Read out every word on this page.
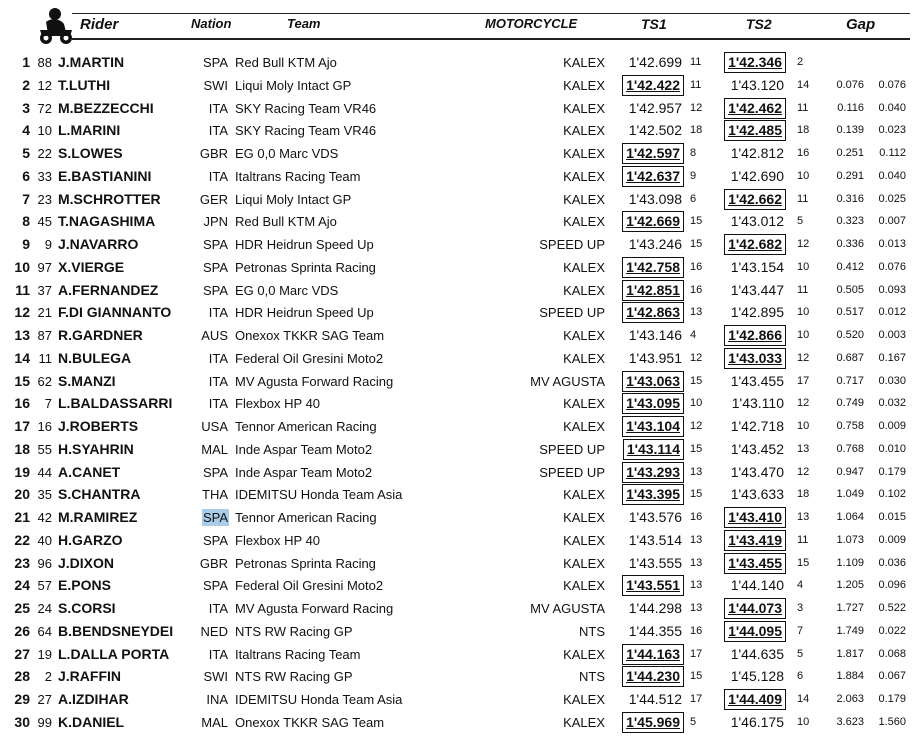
Rider	Nation	Team	MOTORCYCLE	TS1	TS2	Gap
1 88 J.MARTIN	SPA Red Bull KTM Ajo	KALEX 1'42.699 11 1'42.346	2
2 12 T.LUTHI	SWI Liqui Moly Intact GP	KALEX 1'42.422 11 1'43.120 14 0.076 0.076
3 72 M.BEZZECCHI	ITA SKY Racing Team VR46	KALEX 1'42.957 12 1'42.462	11	0.116 0.040
4 10 L.MARINI	ITA SKY Racing Team VR46	KALEX 1'42.502 18 1'42.485	18 0.139 0.023
5 22 S.LOWES	GBR EG 0,0 Marc VDS	KALEX 1'42.597 8 1'42.812 16 0.251 0.112
6 33 E.BASTIANINI	ITA Italtrans Racing Team	KALEX 1'42.637 9 1'42.690 10 0.291 0.040
7 23 M.SCHROTTER	GER Liqui Moly Intact GP	KALEX 1'43.098 6 1'42.662	11	0.316 0.025
8 45 T.NAGASHIMA	JPN Red Bull KTM Ajo	KALEX 1'42.669 15 1'43.012 5	0.323 0.007
9 9 J.NAVARRO	SPA HDR Heidrun Speed Up	SPEED UP 1'43.246 15 1'42.682	12 0.336 0.013
10 97 X.VIERGE	SPA Petronas Sprinta Racing	KALEX 1'42.758 16 1'43.154 10 0.412 0.076
11 37 A.FERNANDEZ	SPA EG 0,0 Marc VDS	KALEX 1'42.851 16 1'43.447 11	0.505 0.093
12 21 F.DI GIANNANTO	ITA HDR Heidrun Speed Up	SPEED UP 1'42.863 13 1'42.895 10 0.517 0.012
13 87 R.GARDNER	AUS Onexox TKKR SAG Team	KALEX 1'43.146 4 1'42.866	10 0.520 0.003
14 11 N.BULEGA	ITA Federal Oil Gresini Moto2	KALEX 1'43.951 12 1'43.033	12 0.687 0.167
15 62 S.MANZI	ITA MV Agusta Forward Racing	MV AGUSTA 1'43.063 15 1'43.455 17 0.717 0.030
16 7 L.BALDASSARRI	ITA Flexbox HP 40	KALEX 1'43.095 10 1'43.110 12 0.749 0.032
17 16 J.ROBERTS	USA Tennor American Racing	KALEX 1'43.104 12 1'42.718 10 0.758 0.009
18 55 H.SYAHRIN	MAL Inde Aspar Team Moto2	SPEED UP 1'43.114 15 1'43.452 13 0.768 0.010
19 44 A.CANET	SPA Inde Aspar Team Moto2	SPEED UP 1'43.293 13 1'43.470 12 0.947 0.179
20 35 S.CHANTRA	THA IDEMITSU Honda Team Asia	KALEX 1'43.395 15 1'43.633 18 1.049 0.102
21 42 M.RAMIREZ	SPA Tennor American Racing	KALEX 1'43.576 16 1'43.410	13 1.064 0.015
22 40 H.GARZO	SPA Flexbox HP 40	KALEX 1'43.514 13 1'43.419	11	1.073 0.009
23 96 J.DIXON	GBR Petronas Sprinta Racing	KALEX 1'43.555 13 1'43.455	15 1.109 0.036
24 57 E.PONS	SPA Federal Oil Gresini Moto2	KALEX 1'43.551 13 1'44.140 4	1.205 0.096
25 24 S.CORSI	ITA MV Agusta Forward Racing	MV AGUSTA 1'44.298 13 1'44.073	3	1.727 0.522
26 64 B.BENDSNEYDEI NED NTS RW Racing GP	NTS 1'44.355 16 1'44.095	7	1.749 0.022
27 19 L.DALLA PORTA	ITA Italtrans Racing Team	KALEX 1'44.163 17 1'44.635 5	1.817 0.068
28 2 J.RAFFIN	SWI NTS RW Racing GP	NTS 1'44.230 15 1'45.128 6	1.884 0.067
29 27 A.IZDIHAR	INA IDEMITSU Honda Team Asia	KALEX 1'44.512 17 1'44.409	14 2.063 0.179
30 99 K.DANIEL	MAL Onexox TKKR SAG Team	KALEX 1'45.969 5 1'46.175 10 3.623 1.560
